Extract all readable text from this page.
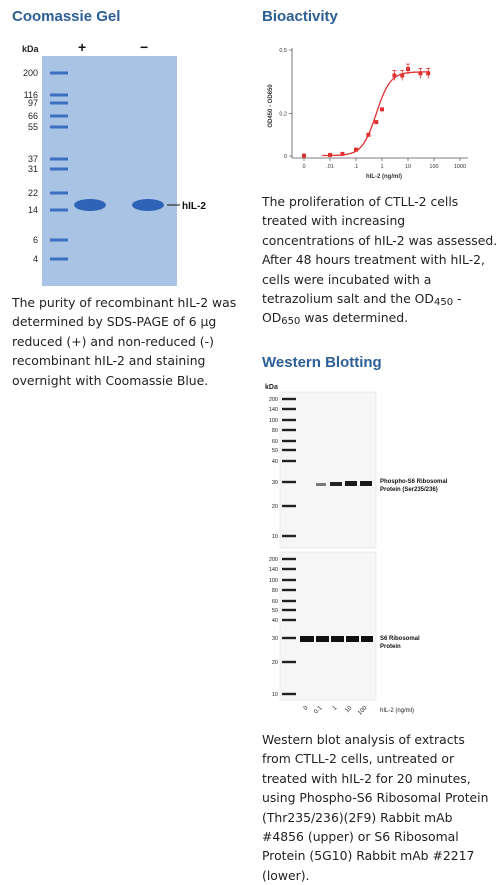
Coomassie Gel
kDa	+	−
200
116
97
66
55
37
31
22
14
6
4
hIL-2
The purity of recombinant hIL-2 was determined by SDS-PAGE of 6 µg reduced (+) and non-reduced (-) recombinant hIL-2 and staining overnight with Coomassie Blue.
Bioactivity
0
0.2
0.5
0	.01	.1	1	10	100	1000
hIL-2 (ng/ml)
OD450 - OD650
The proliferation of CTLL-2 cells treated with increasing concentrations of hIL-2 was assessed. After 48 hours treatment with hIL-2, cells were incubated with a tetrazolium salt and the $OD_{450} - OD_{650}$ was determined.
Western Blotting
kDa
200
140
100
80
60
50
40
30
20
10
Phospho-S6 Ribosomal
Protein (Ser235/236)
200
140
100
80
60
50
40
30
20
10
S6 Ribosomal
Protein
0 0.1 1 10 100 hIL-2 (ng/ml)
Western blot analysis of extracts from CTLL-2 cells, untreated or treated with hIL-2 for 20 minutes, using Phospho-S6 Ribosomal Protein (Thr235/236)(2F9) Rabbit mAb #4856 (upper) or S6 Ribosomal Protein (5G10) Rabbit mAb #2217 (lower).
